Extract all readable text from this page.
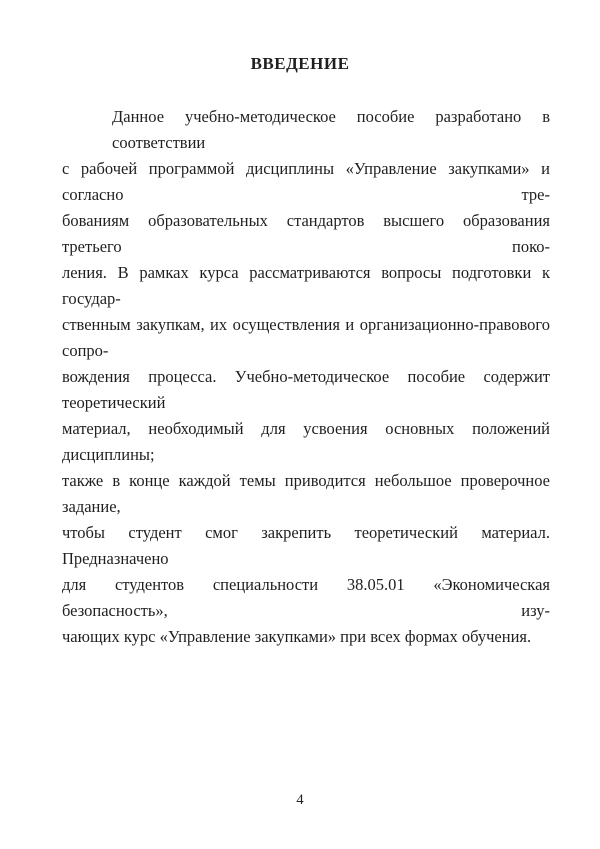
ВВЕДЕНИЕ
Данное учебно-методическое пособие разработано в соответствии
с рабочей программой дисциплины «Управление закупками» и согласно тре-
бованиям образовательных стандартов высшего образования третьего поко-
ления. В рамках курса рассматриваются вопросы подготовки к государ-
ственным закупкам, их осуществления и организационно-правового сопро-
вождения процесса. Учебно-методическое пособие содержит теоретический
материал, необходимый для усвоения основных положений дисциплины;
также в конце каждой темы приводится небольшое проверочное задание,
чтобы студент смог закрепить теоретический материал. Предназначено
для студентов специальности 38.05.01 «Экономическая безопасность», изу-
чающих курс «Управление закупками» при всех формах обучения.
4
